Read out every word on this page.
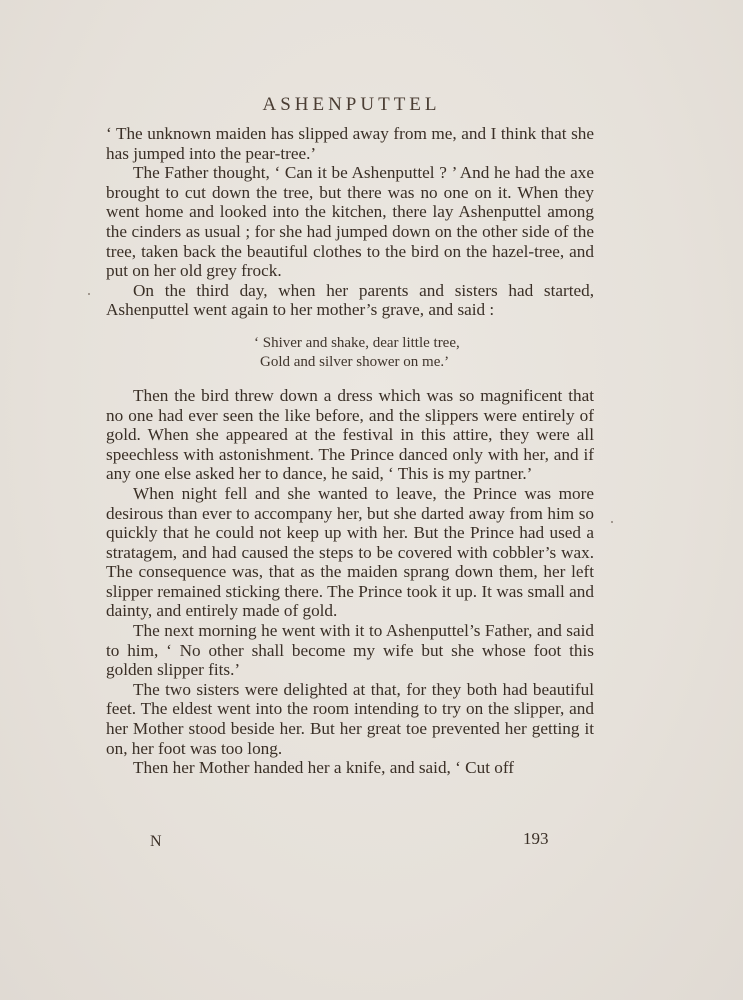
ASHENPUTTEL

‘ The unknown maiden has slipped away from me, and I think that she has jumped into the pear-tree.’

The Father thought, ‘ Can it be Ashenputtel ? ’ And he had the axe brought to cut down the tree, but there was no one on it. When they went home and looked into the kitchen, there lay Ashenputtel among the cinders as usual ; for she had jumped down on the other side of the tree, taken back the beautiful clothes to the bird on the hazel-tree, and put on her old grey frock.

On the third day, when her parents and sisters had started, Ashenputtel went again to her mother’s grave, and said :

‘ Shiver and shake, dear little tree,
Gold and silver shower on me.’

Then the bird threw down a dress which was so magnificent that no one had ever seen the like before, and the slippers were entirely of gold. When she appeared at the festival in this attire, they were all speechless with astonishment. The Prince danced only with her, and if any one else asked her to dance, he said, ‘ This is my partner.’

When night fell and she wanted to leave, the Prince was more desirous than ever to accompany her, but she darted away from him so quickly that he could not keep up with her. But the Prince had used a stratagem, and had caused the steps to be covered with cobbler’s wax. The consequence was, that as the maiden sprang down them, her left slipper remained sticking there. The Prince took it up. It was small and dainty, and entirely made of gold.

The next morning he went with it to Ashenputtel’s Father, and said to him, ‘ No other shall become my wife but she whose foot this golden slipper fits.’

The two sisters were delighted at that, for they both had beautiful feet. The eldest went into the room intending to try on the slipper, and her Mother stood beside her. But her great toe prevented her getting it on, her foot was too long.

Then her Mother handed her a knife, and said, ‘ Cut off

N	193
